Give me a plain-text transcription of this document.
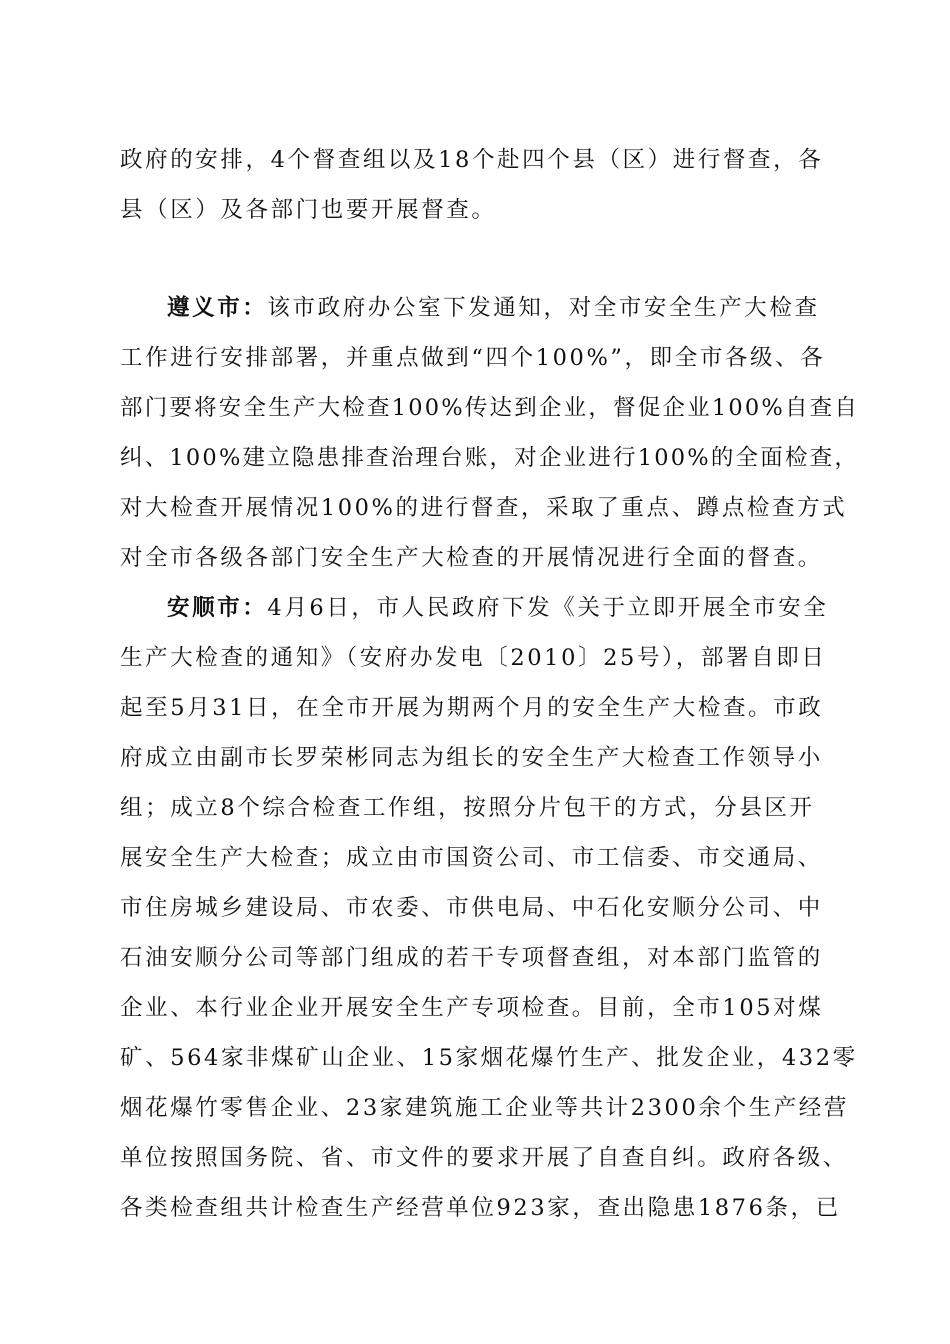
政府的安排，4个督查组以及18个赴四个县（区）进行督查，各
县（区）及各部门也要开展督查。
遵义市：该市政府办公室下发通知，对全市安全生产大检查
工作进行安排部署，并重点做到“四个100%”，即全市各级、各
部门要将安全生产大检查100%传达到企业，督促企业100%自查自
纠、100%建立隐患排查治理台账，对企业进行100%的全面检查，
对大检查开展情况100%的进行督查，采取了重点、蹲点检查方式
对全市各级各部门安全生产大检查的开展情况进行全面的督查。
安顺市：4月6日，市人民政府下发《关于立即开展全市安全
生产大检查的通知》（安府办发电〔2010〕25号），部署自即日
起至5月31日，在全市开展为期两个月的安全生产大检查。市政
府成立由副市长罗荣彬同志为组长的安全生产大检查工作领导小
组；成立8个综合检查工作组，按照分片包干的方式，分县区开
展安全生产大检查；成立由市国资公司、市工信委、市交通局、
市住房城乡建设局、市农委、市供电局、中石化安顺分公司、中
石油安顺分公司等部门组成的若干专项督查组，对本部门监管的
企业、本行业企业开展安全生产专项检查。目前，全市105对煤
矿、564家非煤矿山企业、15家烟花爆竹生产、批发企业，432零
烟花爆竹零售企业、23家建筑施工企业等共计2300余个生产经营
单位按照国务院、省、市文件的要求开展了自查自纠。政府各级、
各类检查组共计检查生产经营单位923家，查出隐患1876条，已
